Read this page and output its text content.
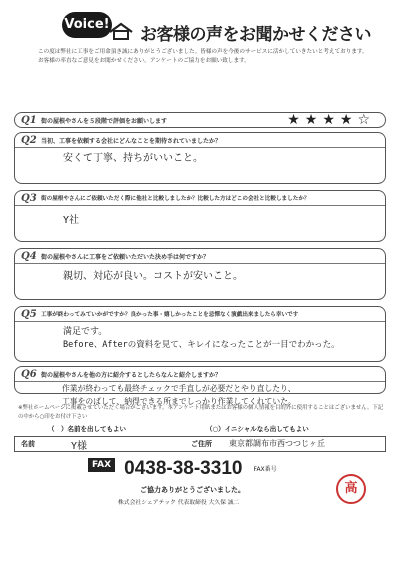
Voice!
お客様の声をお聞かせください
この度は弊社に工事をご用命頂き誠にありがとうございました。皆様の声を今後のサービスに活かしていきたいと考えております。お客様の率直なご意見をお聞かせください。アンケートのご協力をお願い致します。
Q1 街の屋根やさんを５段階で評価をお願いします	★★★★☆
Q2 当初、工事を依頼する会社にどんなことを期待されていましたか？
安くて丁寧、持ちがいいこと。
Q3 街の屋根やさんにご依頼いただく際に他社と比較しましたか？比較した方はどこの会社と比較しましたか？
Y社
Q4 街の屋根やさんに工事をご依頼いただいた決め手は何ですか？
親切、対応が良い。コストが安いこと。
Q5 工事が終わってみていかがですか？良かった事・嬉しかったことを忌憚なく演戯出来ましたら幸いです
満足です。
Before、Afterの資料を見て、キレイになったことが一目でわかった。
Q6 街の屋根やさんを他の方に紹介するとしたらなんと紹介しますか？
作業が終わっても最終チェックで手直しが必要だとやり直したり、
工事をのばして、納得できる所までしっかり作業してくれていた。
※弊社ホームページに掲載させていただく場合がございます。本アンケート用紙またはお客様の個人情報を目的外に使用することはございません。下記の中から○印をお付け下さい
（　）名前を出してもよい	（○）イニシャルなら出してもよい
名前	Y様	ご住所 東京都調布市西つつじヶ丘
FAX 0438-38-3310 FAX番号
ご協力ありがとうございました。
株式会社シェアテック 代表取締役 大久保 誠二
高
